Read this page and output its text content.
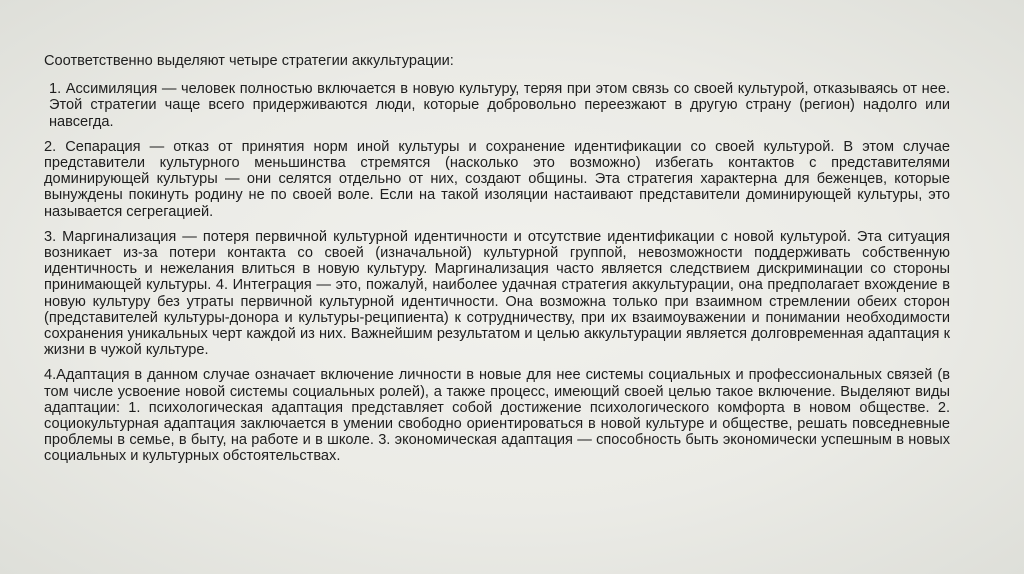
Соответственно выделяют четыре стратегии аккультурации:

1. Ассимиляция — человек полностью включается в новую культуру, теряя при этом связь со своей культурой, отказываясь от нее. Этой стратегии чаще всего придерживаются люди, которые добровольно переезжают в другую страну (регион) надолго или навсегда.

2. Сепарация — отказ от принятия норм иной культуры и сохранение идентификации со своей культурой. В этом случае представители культурного меньшинства стремятся (насколько это возможно) избегать контактов с представителями доминирующей культуры — они селятся отдельно от них, создают общины. Эта стратегия характерна для беженцев, которые вынуждены покинуть родину не по своей воле. Если на такой изоляции настаивают представители доминирующей культуры, это называется сегрегацией.

3. Маргинализация — потеря первичной культурной идентичности и отсутствие идентификации с новой культурой. Эта ситуация возникает из-за потери контакта со своей (изначальной) культурной группой, невозможности поддерживать собственную идентичность и нежелания влиться в новую культуру. Маргинализация часто является следствием дискриминации со стороны принимающей культуры. 4. Интеграция — это, пожалуй, наиболее удачная стратегия аккультурации, она предполагает вхождение в новую культуру без утраты первичной культурной идентичности. Она возможна только при взаимном стремлении обеих сторон (представителей культуры-донора и культуры-реципиента) к сотрудничеству, при их взаимоуважении и понимании необходимости сохранения уникальных черт каждой из них. Важнейшим результатом и целью аккультурации является долговременная адаптация к жизни в чужой культуре.

4.Адаптация в данном случае означает включение личности в новые для нее системы социальных и профессиональных связей (в том числе усвоение новой системы социальных ролей), а также процесс, имеющий своей целью такое включение. Выделяют виды адаптации: 1. психологическая адаптация представляет собой достижение психологического комфорта в новом обществе. 2. социокультурная адаптация заключается в умении свободно ориентироваться в новой культуре и обществе, решать повседневные проблемы в семье, в быту, на работе и в школе. 3. экономическая адаптация — способность быть экономически успешным в новых социальных и культурных обстоятельствах.
